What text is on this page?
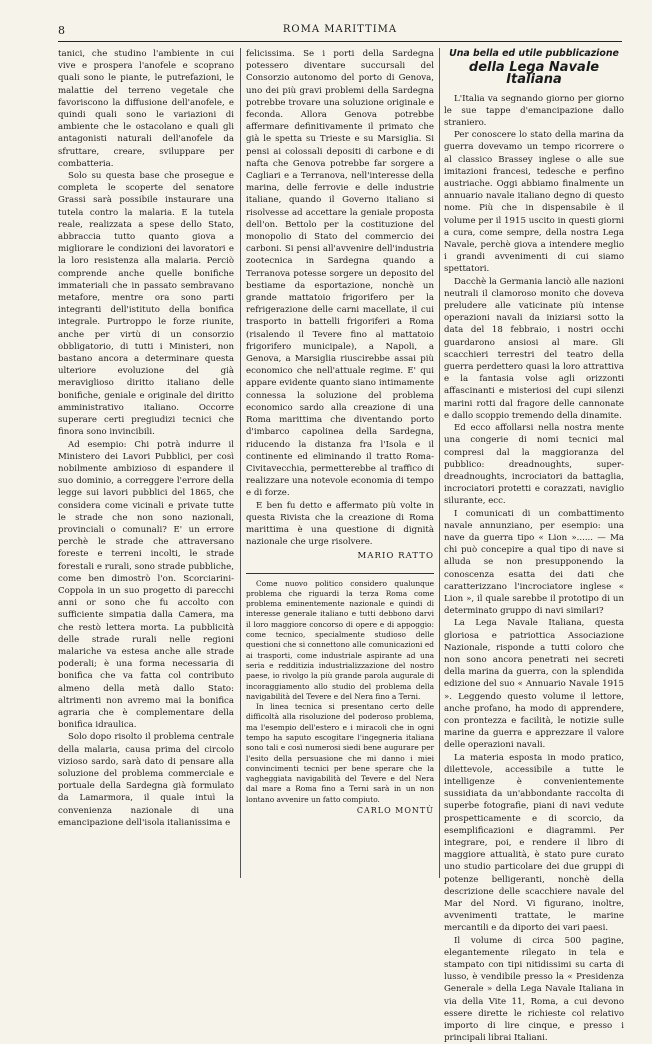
8	ROMA MARITTIMA

tanici, che studino l'ambiente in cui vive e prospera l'anofele e scoprano quali sono le piante, le putrefazioni, le malattie del terreno vegetale che favoriscono la diffusione dell'anofele, e quindi quali sono le variazioni di ambiente che le ostacolano e quali gli antagonisti naturali dell'anofele da sfruttare, creare, sviluppare per combatteria.

Solo su questa base che prosegue e completa le scoperte del senatore Grassi sarà possibile instaurare una tutela contro la malaria. E la tutela reale, realizzata a spese dello Stato, abbraccia tutto quanto giova a migliorare le condizioni dei lavoratori e la loro resistenza alla malaria. Perciò comprende anche quelle bonifiche immateriali che in passato sembravano metafore, mentre ora sono parti integranti dell'istituto della bonifica integrale. Purtroppo le forze riunite, anche per virtù di un consorzio obbligatorio, di tutti i Ministeri, non bastano ancora a determinare questa ulteriore evoluzione del già meraviglioso diritto italiano delle bonifiche, geniale e originale del diritto amministrativo italiano. Occorre superare certi pregiudizi tecnici che finora sono invincibili.

Ad esempio: Chi potrà indurre il Ministero dei Lavori Pubblici, per così nobilmente ambizioso di espandere il suo dominio, a correggere l'errore della legge sui lavori pubblici del 1865, che considera come vicinali e private tutte le strade che non sono nazionali, provinciali o comunali? E' un errore perchè le strade che attraversano foreste e terreni incolti, le strade forestali e rurali, sono strade pubbliche, come ben dimostrò l'on. Scorciarini-Coppola in un suo progetto di parecchi anni or sono che fu accolto con sufficiente simpatia dalla Camera, ma che restò lettera morta. La pubblicità delle strade rurali nelle regioni malariche va estesa anche alle strade poderali; è una forma necessaria di bonifica che va fatta col contributo almeno della metà dallo Stato: altrimenti non avremo mai la bonifica agraria che è complementare della bonifica idraulica.

Solo dopo risolto il problema centrale della malaria, causa prima del circolo vizioso sardo, sarà dato di pensare alla soluzione del problema commerciale e portuale della Sardegna già formulato da Lamarmora, il quale intuì la convenienza nazionale di una emancipazione dell'isola italianissima e

felicissima. Se i porti della Sardegna potessero diventare succursali del Consorzio autonomo del porto di Genova, uno dei più gravi problemi della Sardegna potrebbe trovare una soluzione originale e feconda. Allora Genova potrebbe affermare definitivamente il primato che già le spetta su Trieste e su Marsiglia. Si pensi ai colossali depositi di carbone e di nafta che Genova potrebbe far sorgere a Cagliari e a Terranova, nell'interesse della marina, delle ferrovie e delle industrie italiane, quando il Governo italiano si risolvesse ad accettare la geniale proposta dell'on. Bettolo per la costituzione del monopolio di Stato del commercio dei carboni. Si pensi all'avvenire dell'industria zootecnica in Sardegna quando a Terranova potesse sorgere un deposito del bestiame da esportazione, nonchè un grande mattatoio frigorifero per la refrigerazione delle carni macellate, il cui trasporto in battelli frigoriferi a Roma (risalendo il Tevere fino al mattatoio frigorifero municipale), a Napoli, a Genova, a Marsiglia riuscirebbe assai più economico che nell'attuale regime. E' qui appare evidente quanto siano intimamente connessa la soluzione del problema economico sardo alla creazione di una Roma marittima che diventando porto d'imbarco capolinea della Sardegna, riducendo la distanza fra l'Isola e il continente ed eliminando il tratto Roma-Civitavecchia, permetterebbe al traffico di realizzare una notevole economia di tempo e di forze.

E ben fu detto e affermato più volte in questa Rivista che la creazione di Roma marittima è una questione di dignità nazionale che urge risolvere.

MARIO RATTO

Come nuovo politico considero qualunque problema che riguardi la terza Roma come problema eminentemente nazionale e quindi di interesse generale italiano e tutti debbono darvi il loro maggiore concorso di opere e di appoggio: come tecnico, specialmente studioso delle questioni che si connettono alle comunicazioni ed ai trasporti, come industriale aspirante ad una seria e redditizia industrializzazione del nostro paese, io rivolgo la più grande parola augurale di incoraggiamento allo studio del problema della navigabilità del Tevere e del Nera fino a Terni.

In linea tecnica si presentano certo delle difficoltà alla risoluzione del poderoso problema, ma l'esempio dell'estero e i miracoli che in ogni tempo ha saputo escogitare l'ingegneria italiana sono tali e così numerosi siedi bene augurare per l'esito della persuasione che mi danno i miei convincimenti tecnici per bene sperare che la vagheggiata navigabilità del Tevere e del Nera dal mare a Roma fino a Terni sarà in un non lontano avvenire un fatto compiuto.

CARLO MONTÙ
Una bella ed utile pubblicazione
della Lega Navale Italiana

L'Italia va segnando giorno per giorno le sue tappe d'emancipazione dallo straniero.

Per conoscere lo stato della marina da guerra dovevamo un tempo ricorrere o al classico Brassey inglese o alle sue imitazioni francesi, tedesche e perfino austriache. Oggi abbiamo finalmente un annuario navale italiano degno di questo nome. Più che in dispensabile è il volume per il 1915 uscito in questi giorni a cura, come sempre, della nostra Lega Navale, perchè giova a intendere meglio i grandi avvenimenti di cui siamo spettatori.

Dacchè la Germania lanciò alle nazioni neutrali il clamoroso monito che doveva preludere alle vaticinate più intense operazioni navali da iniziarsi sotto la data del 18 febbraio, i nostri occhi guardarono ansiosi al mare. Gli scacchieri terrestri del teatro della guerra perdettero quasi la loro attrattiva e la fantasia volse agli orizzonti affascinanti e misteriosi del cupi silenzi marini rotti dal fragore delle cannonate e dallo scoppio tremendo della dinamite.

Ed ecco affollarsi nella nostra mente una congerie di nomi tecnici mal compresi dal la maggioranza del pubblico: dreadnoughts, super-dreadnoughts, incrociatori da battaglia, incrociatori protetti e corazzati, naviglio silurante, ecc.

I comunicati di un combattimento navale annunziano, per esempio: una nave da guerra tipo « Lion »...... — Ma chi può concepire a qual tipo di nave si alluda se non presupponendo la conoscenza esatta dei dati che caratterizzano l'incrociatore inglese « Lion », il quale sarebbe il prototipo di un determinato gruppo di navi similari?

La Lega Navale Italiana, questa gloriosa e patriottica Associazione Nazionale, risponde a tutti coloro che non sono ancora penetrati nei secreti della marina da guerra, con la splendida edizione del suo « Annuario Navale 1915 ». Leggendo questo volume il lettore, anche profano, ha modo di apprendere, con prontezza e facilità, le notizie sulle marine da guerra e apprezzare il valore delle operazioni navali.

La materia esposta in modo pratico, dilettevole, accessibile a tutte le intelligenze è convenientemente sussidiata da un'abbondante raccolta di superbe fotografie, piani di navi vedute prospetticamente e di scorcio, da esemplificazioni e diagrammi. Per integrare, poi, e rendere il libro di maggiore attualità, è stato pure curato uno studio particolare dei due gruppi di potenze belligeranti, nonchè della descrizione delle scacchiere navale del Mar del Nord. Vi figurano, inoltre, avvenimenti trattate, le marine mercantili e da diporto dei vari paesi.

Il volume di circa 500 pagine, elegantemente rilegato in tela e stampato con tipi nitidissimi su carta di lusso, è vendibile presso la « Presidenza Generale » della Lega Navale Italiana in via della Vite 11, Roma, a cui devono essere dirette le richieste col relativo importo di lire cinque, e presso i principali librai Italiani.
